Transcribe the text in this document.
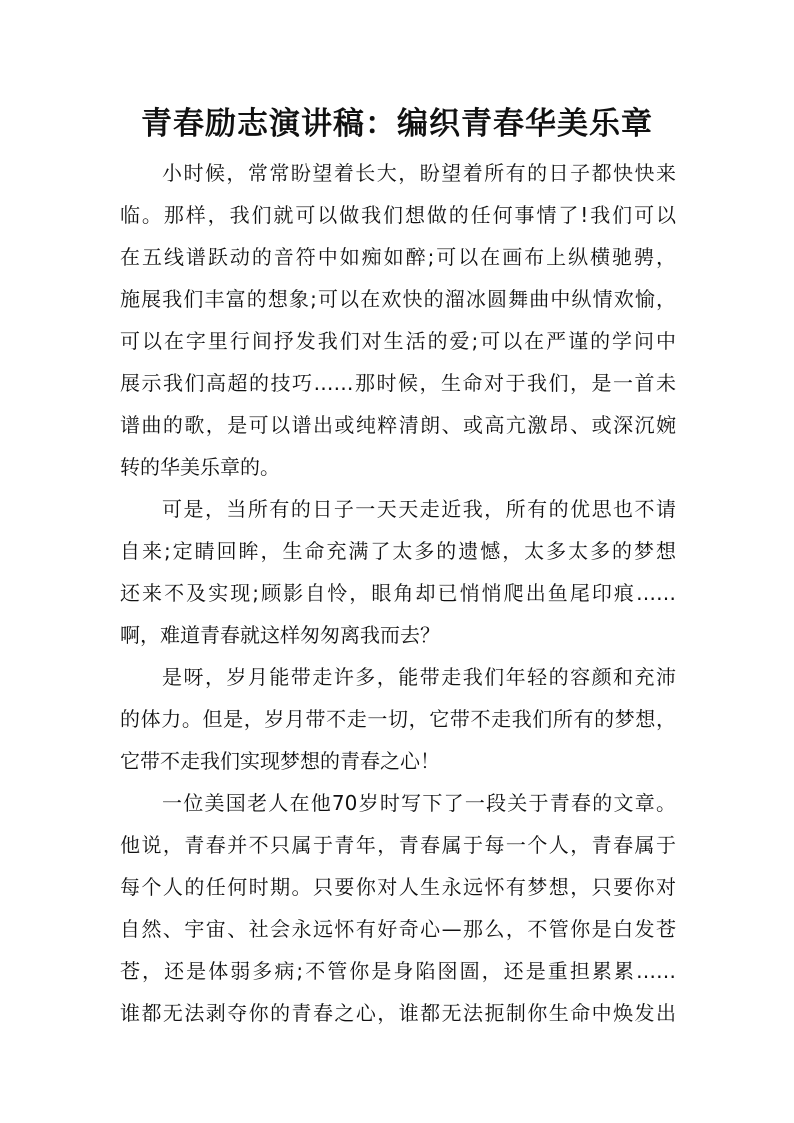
青春励志演讲稿：编织青春华美乐章
小时候，常常盼望着长大，盼望着所有的日子都快快来
临。那样，我们就可以做我们想做的任何事情了!我们可以
在五线谱跃动的音符中如痴如醉;可以在画布上纵横驰骋，
施展我们丰富的想象;可以在欢快的溜冰圆舞曲中纵情欢愉，
可以在字里行间抒发我们对生活的爱;可以在严谨的学问中
展示我们高超的技巧……那时候，生命对于我们，是一首未
谱曲的歌，是可以谱出或纯粹清朗、或高亢激昂、或深沉婉
转的华美乐章的。
可是，当所有的日子一天天走近我，所有的优思也不请
自来;定睛回眸，生命充满了太多的遗憾，太多太多的梦想
还来不及实现;顾影自怜，眼角却已悄悄爬出鱼尾印痕……
啊，难道青春就这样匆匆离我而去？
是呀，岁月能带走许多，能带走我们年轻的容颜和充沛
的体力。但是，岁月带不走一切，它带不走我们所有的梦想，
它带不走我们实现梦想的青春之心！
一位美国老人在他70岁时写下了一段关于青春的文章。
他说，青春并不只属于青年，青春属于每一个人，青春属于
每个人的任何时期。只要你对人生永远怀有梦想，只要你对
自然、宇宙、社会永远怀有好奇心—那么，不管你是白发苍
苍，还是体弱多病;不管你是身陷囹圄，还是重担累累……
谁都无法剥夺你的青春之心，谁都无法扼制你生命中焕发出
